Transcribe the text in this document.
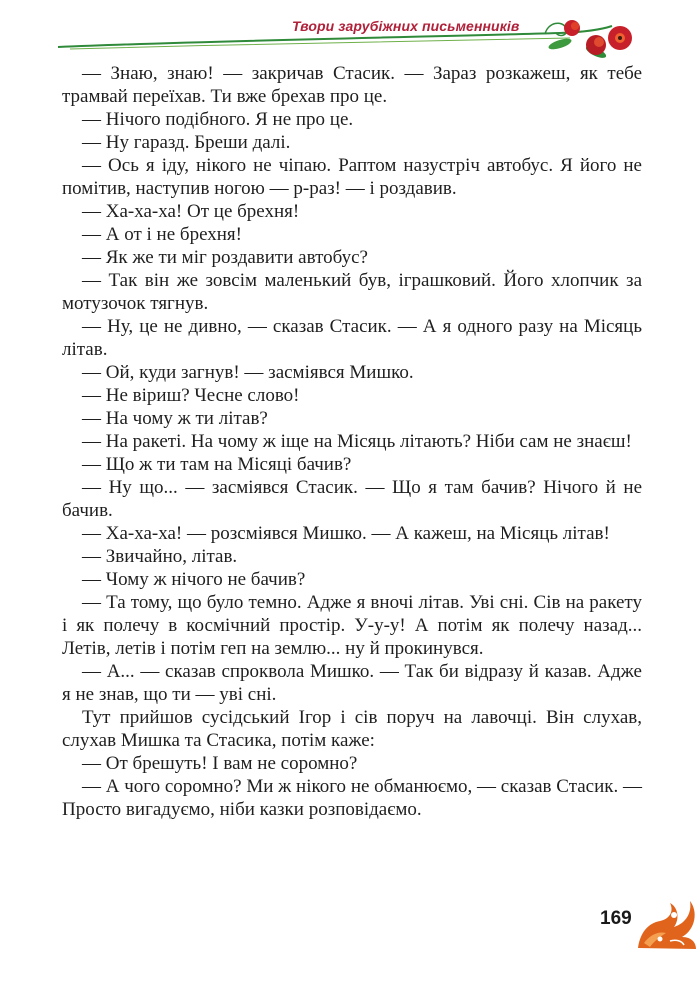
Твори зарубіжних письменників

— Знаю, знаю! — закричав Стасик. — Зараз розкажеш, як тебе трамвай переїхав. Ти вже брехав про це.

— Нічого подібного. Я не про це.

— Ну гаразд. Бреши далі.

— Ось я іду, нікого не чіпаю. Раптом назустріч автобус. Я його не помітив, наступив ногою — р-раз! — і роздавив.

— Ха-ха-ха! От це брехня!

— А от і не брехня!

— Як же ти міг роздавити автобус?

— Так він же зовсім маленький був, іграшковий. Його хлопчик за мотузочок тягнув.

— Ну, це не дивно, — сказав Стасик. — А я одного разу на Місяць літав.

— Ой, куди загнув! — засміявся Мишко.

— Не віриш? Чесне слово!

— На чому ж ти літав?

— На ракеті. На чому ж іще на Місяць літають? Ніби сам не знаєш!

— Що ж ти там на Місяці бачив?

— Ну що... — засміявся Стасик. — Що я там бачив? Нічого й не бачив.

— Ха-ха-ха! — розсміявся Мишко. — А кажеш, на Місяць літав!

— Звичайно, літав.

— Чому ж нічого не бачив?

— Та тому, що було темно. Адже я вночі літав. Уві сні. Сів на ракету і як полечу в космічний простір. У-у-у! А потім як полечу назад... Летів, летів і потім геп на землю... ну й прокинувся.

— А... — сказав спроквола Мишко. — Так би відразу й казав. Адже я не знав, що ти — уві сні.

Тут прийшов сусідський Ігор і сів поруч на лавочці. Він слухав, слухав Мишка та Стасика, потім каже:

— От брешуть! І вам не соромно?

— А чого соромно? Ми ж нікого не обманюємо, — сказав Стасик. — Просто вигадуємо, ніби казки розповідаємо.

169
